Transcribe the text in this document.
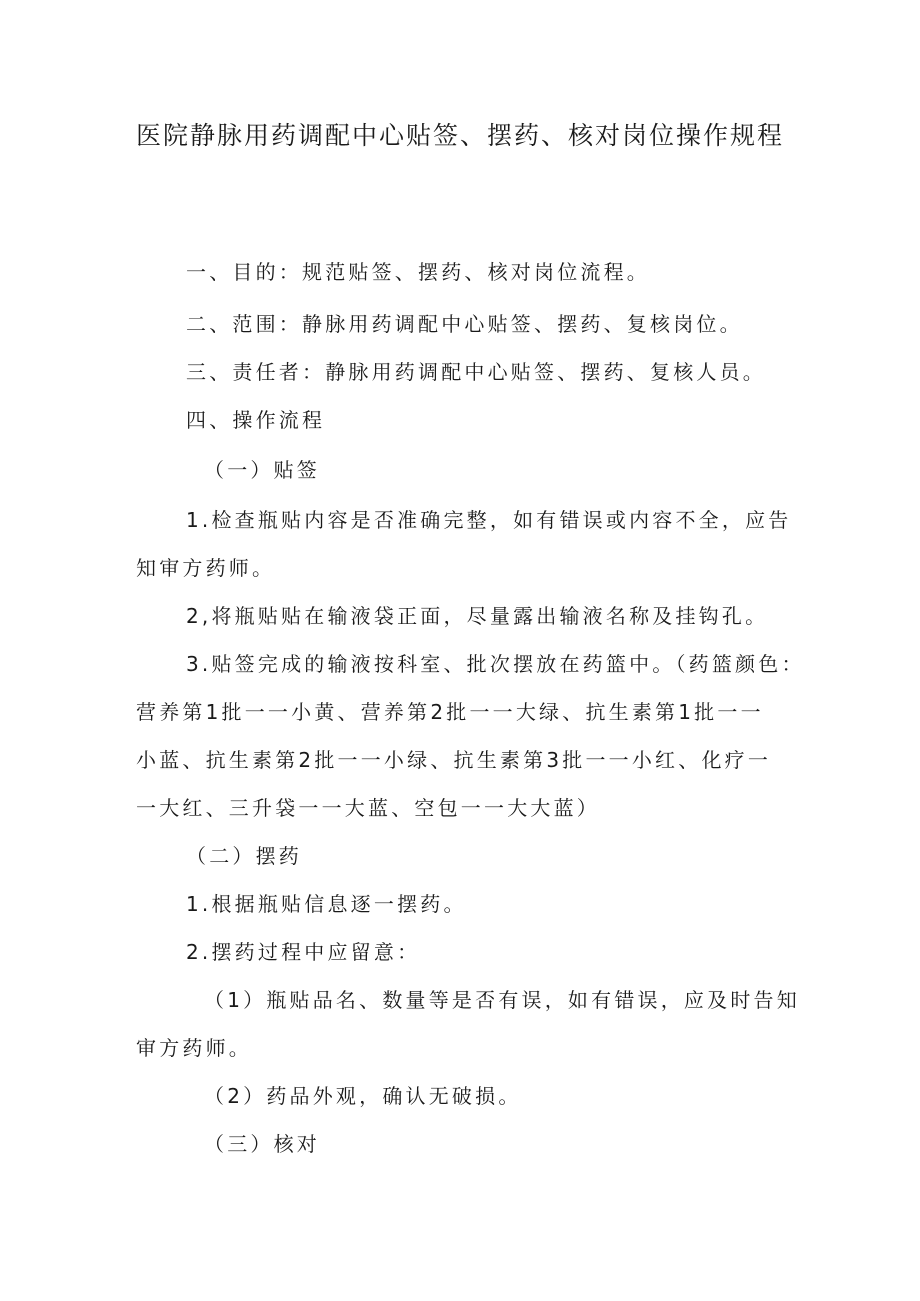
医院静脉用药调配中心贴签、摆药、核对岗位操作规程
一、目的：规范贴签、摆药、核对岗位流程。
二、范围：静脉用药调配中心贴签、摆药、复核岗位。
三、责任者：静脉用药调配中心贴签、摆药、复核人员。
四、操作流程
（一）贴签
1.检查瓶贴内容是否准确完整，如有错误或内容不全，应告
知审方药师。
2,将瓶贴贴在输液袋正面，尽量露出输液名称及挂钩孔。
3.贴签完成的输液按科室、批次摆放在药篮中。（药篮颜色：
营养第1批一一小黄、营养第2批一一大绿、抗生素第1批一一
小蓝、抗生素第2批一一小绿、抗生素第3批一一小红、化疗一
一大红、三升袋一一大蓝、空包一一大大蓝）
（二）摆药
1.根据瓶贴信息逐一摆药。
2.摆药过程中应留意：
（1）瓶贴品名、数量等是否有误，如有错误，应及时告知
审方药师。
（2）药品外观，确认无破损。
（三）核对
